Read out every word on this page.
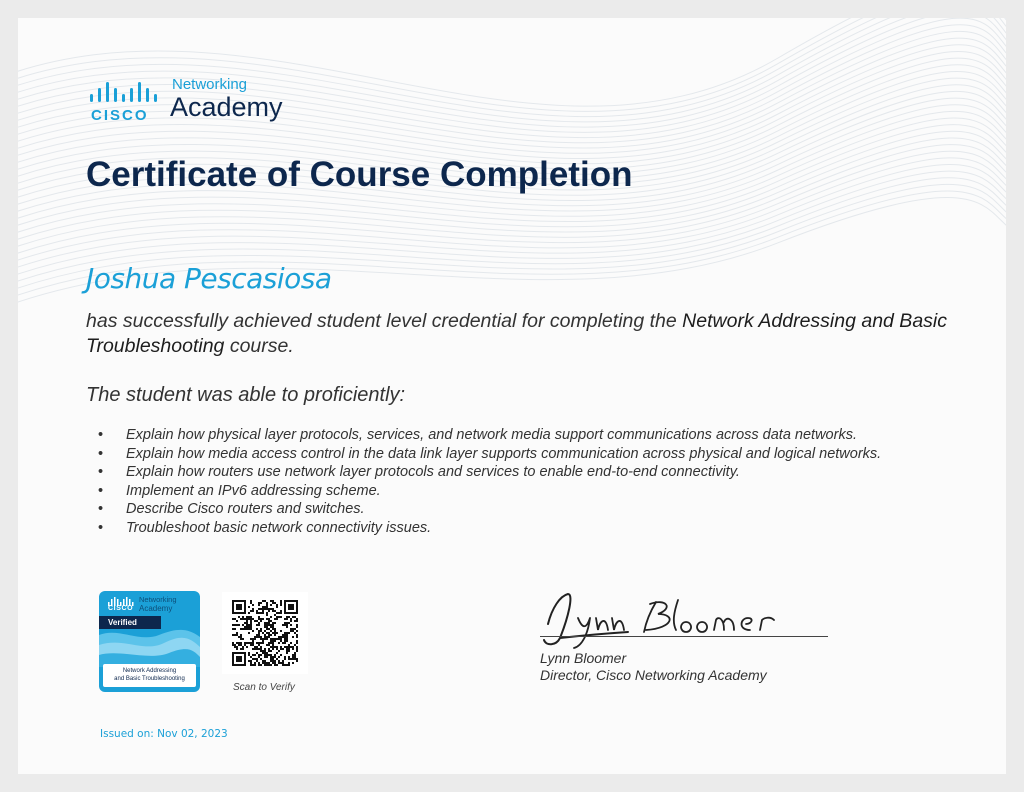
CISCO
Networking
Academy
Certificate of Course Completion
Joshua Pescasiosa

has successfully achieved student level credential for completing the Network Addressing and Basic Troubleshooting course.

The student was able to proficiently:
• Explain how physical layer protocols, services, and network media support communications across data networks.
• Explain how media access control in the data link layer supports communication across physical and logical networks.
• Explain how routers use network layer protocols and services to enable end-to-end connectivity.
• Implement an IPv6 addressing scheme.
• Describe Cisco routers and switches.
• Troubleshoot basic network connectivity issues.
CISCO
Networking
Academy
Verified
Network Addressing
and Basic Troubleshooting
Scan to Verify
Lynn Bloomer
Director, Cisco Networking Academy
Issued on: Nov 02, 2023
